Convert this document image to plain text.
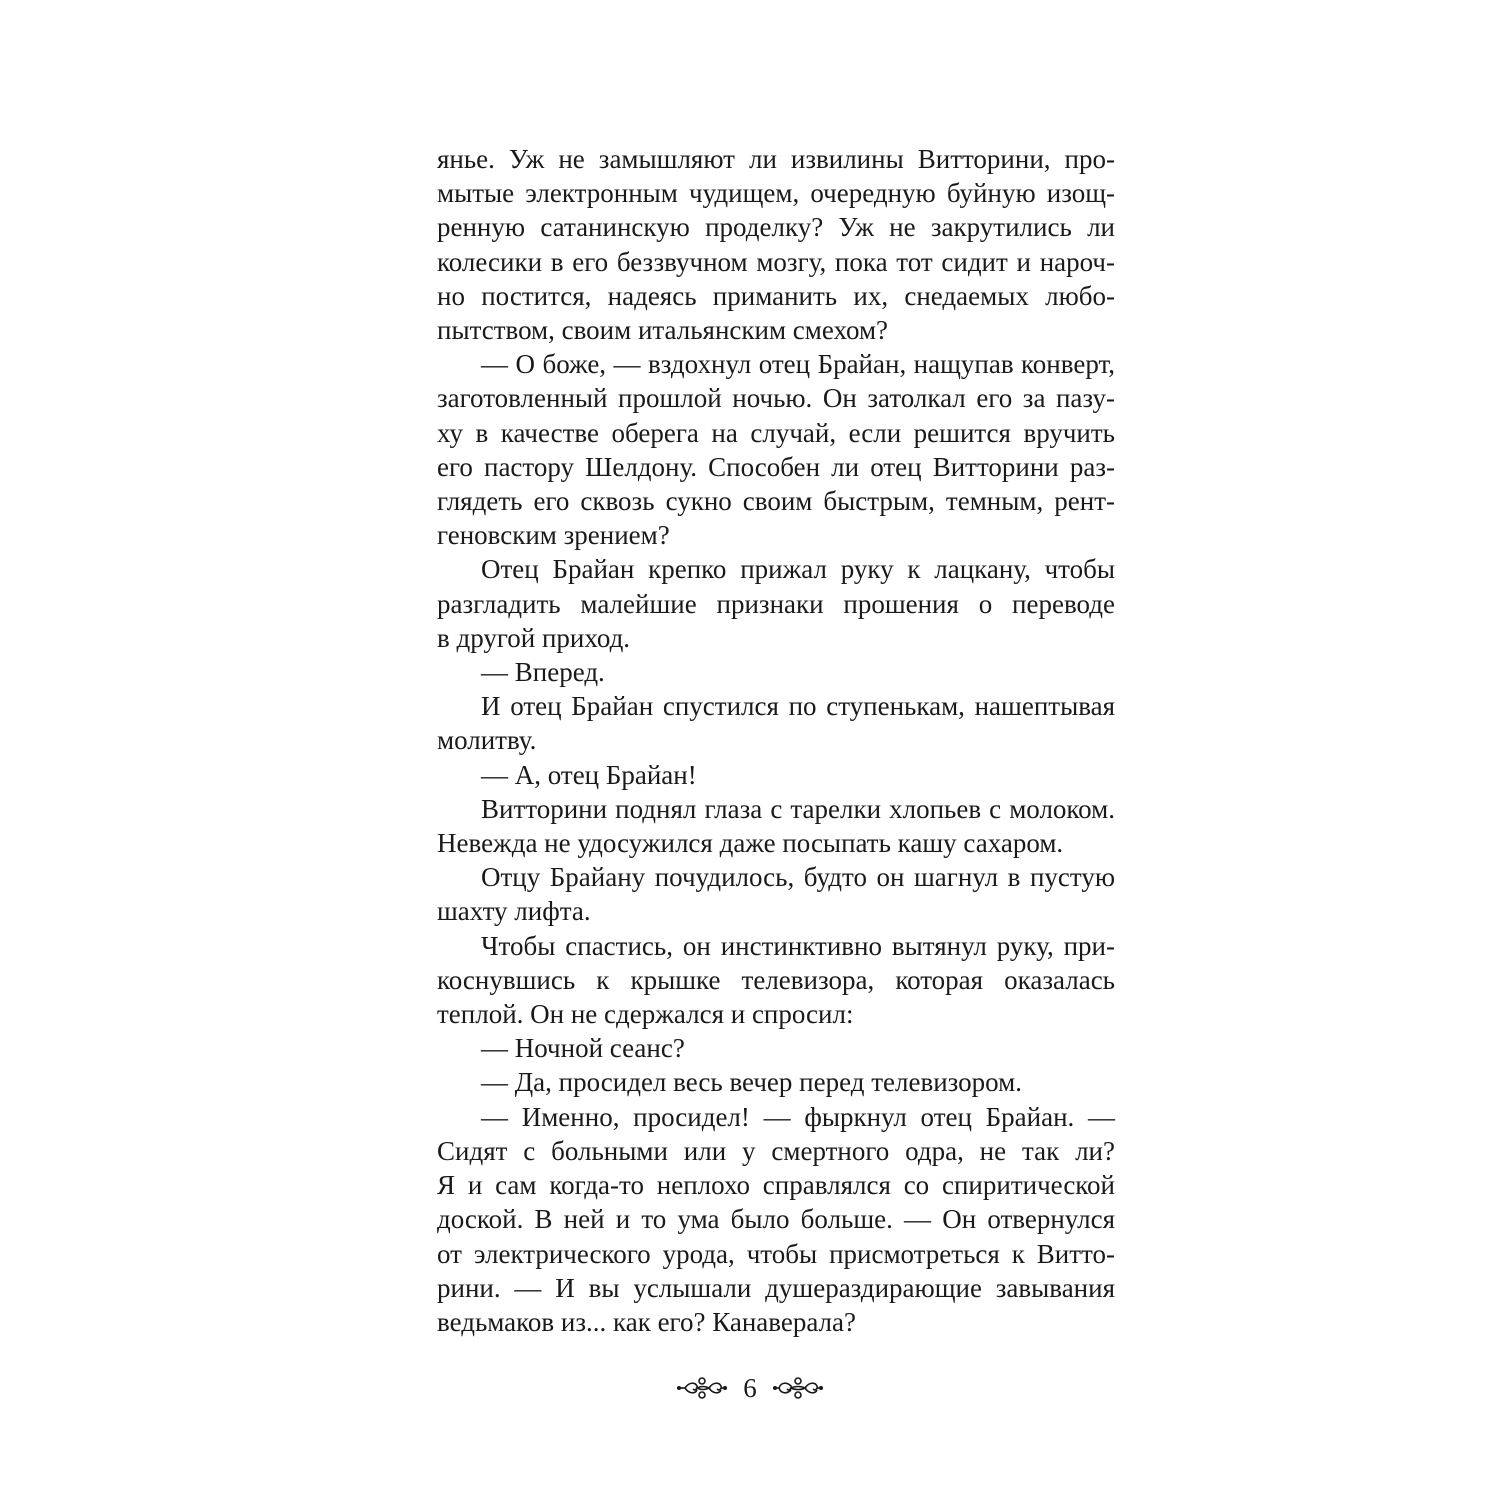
янье. Уж не замышляют ли извилины Витторини, про-
мытые электронным чудищем, очередную буйную изощ-
ренную сатанинскую проделку? Уж не закрутились ли
колесики в его беззвучном мозгу, пока тот сидит и нароч-
но постится, надеясь приманить их, снедаемых любо-
пытством, своим итальянским смехом?
— О боже, — вздохнул отец Брайан, нащупав конверт,
заготовленный прошлой ночью. Он затолкал его за пазу-
ху в качестве оберега на случай, если решится вручить
его пастору Шелдону. Способен ли отец Витторини раз-
глядеть его сквозь сукно своим быстрым, темным, рент-
геновским зрением?
Отец Брайан крепко прижал руку к лацкану, чтобы
разгладить малейшие признаки прошения о переводе
в другой приход.
— Вперед.
И отец Брайан спустился по ступенькам, нашептывая
молитву.
— А, отец Брайан!
Витторини поднял глаза с тарелки хлопьев с молоком.
Невежда не удосужился даже посыпать кашу сахаром.
Отцу Брайану почудилось, будто он шагнул в пустую
шахту лифта.
Чтобы спастись, он инстинктивно вытянул руку, при-
коснувшись к крышке телевизора, которая оказалась
теплой. Он не сдержался и спросил:
— Ночной сеанс?
— Да, просидел весь вечер перед телевизором.
— Именно, просидел! — фыркнул отец Брайан. —
Сидят с больными или у смертного одра, не так ли?
Я и сам когда-то неплохо справлялся со спиритической
доской. В ней и то ума было больше. — Он отвернулся
от электрического урода, чтобы присмотреться к Витто-
рини. — И вы услышали душераздирающие завывания
ведьмаков из... как его? Канаверала?
6
